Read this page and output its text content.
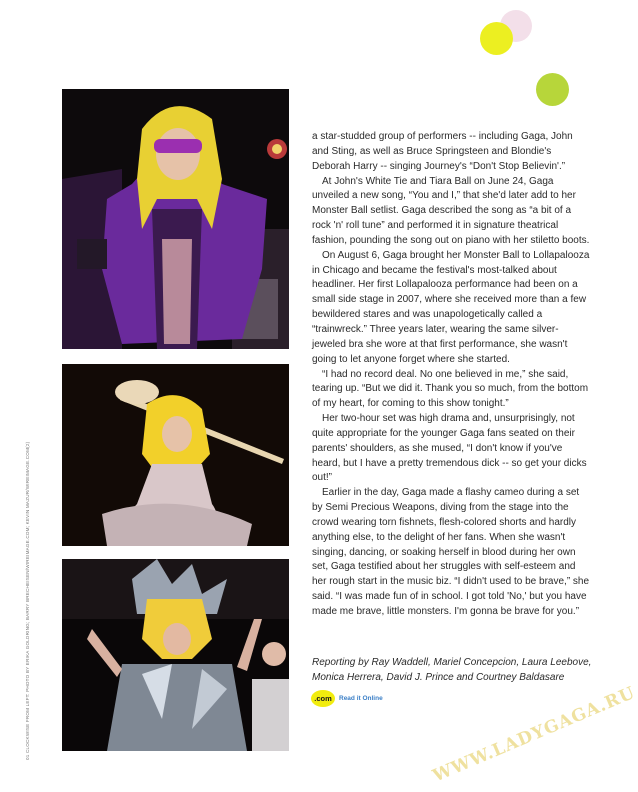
01 CLOCKWISE FROM LEFT: PHOTO BY ERIKA GOLDRING; BARRY BRECHEISEN/WIREIMAGE.COM; KEVIN MAZUR/WIREIMAGE.COM(2)

a star-studded group of performers -- including Gaga, John and Sting, as well as Bruce Springsteen and Blondie's Deborah Harry -- singing Journey's “Don't Stop Believin'.”

At John's White Tie and Tiara Ball on June 24, Gaga unveiled a new song, “You and I,” that she'd later add to her Monster Ball setlist. Gaga described the song as “a bit of a rock 'n' roll tune” and performed it in signature theatrical fashion, pounding the song out on piano with her stiletto boots.

On August 6, Gaga brought her Monster Ball to Lollapalooza in Chicago and became the festival's most-talked about headliner. Her first Lollapalooza performance had been on a small side stage in 2007, where she received more than a few bewildered stares and was unapologetically called a “trainwreck.” Three years later, wearing the same silver-jeweled bra she wore at that first performance, she wasn't going to let anyone forget where she started.

“I had no record deal. No one believed in me,” she said, tearing up. “But we did it. Thank you so much, from the bottom of my heart, for coming to this show tonight.”

Her two-hour set was high drama and, unsurprisingly, not quite appropriate for the younger Gaga fans seated on their parents' shoulders, as she mused, “I don't know if you've heard, but I have a pretty tremendous dick -- so get your dicks out!”

Earlier in the day, Gaga made a flashy cameo during a set by Semi Precious Weapons, diving from the stage into the crowd wearing torn fishnets, flesh-colored shorts and hardly anything else, to the delight of her fans. When she wasn't singing, dancing, or soaking herself in blood during her own set, Gaga testified about her struggles with self-esteem and her rough start in the music biz. “I didn't used to be brave,” she said. “I was made fun of in school. I got told 'No,' but you have made me brave, little monsters. I'm gonna be brave for you.”

Reporting by Ray Waddell, Mariel Concepcion, Laura Leebove, Monica Herrera, David J. Prince and Courtney Baldasare
.com	Read it Online	WWW.LADYGAGA.RU
